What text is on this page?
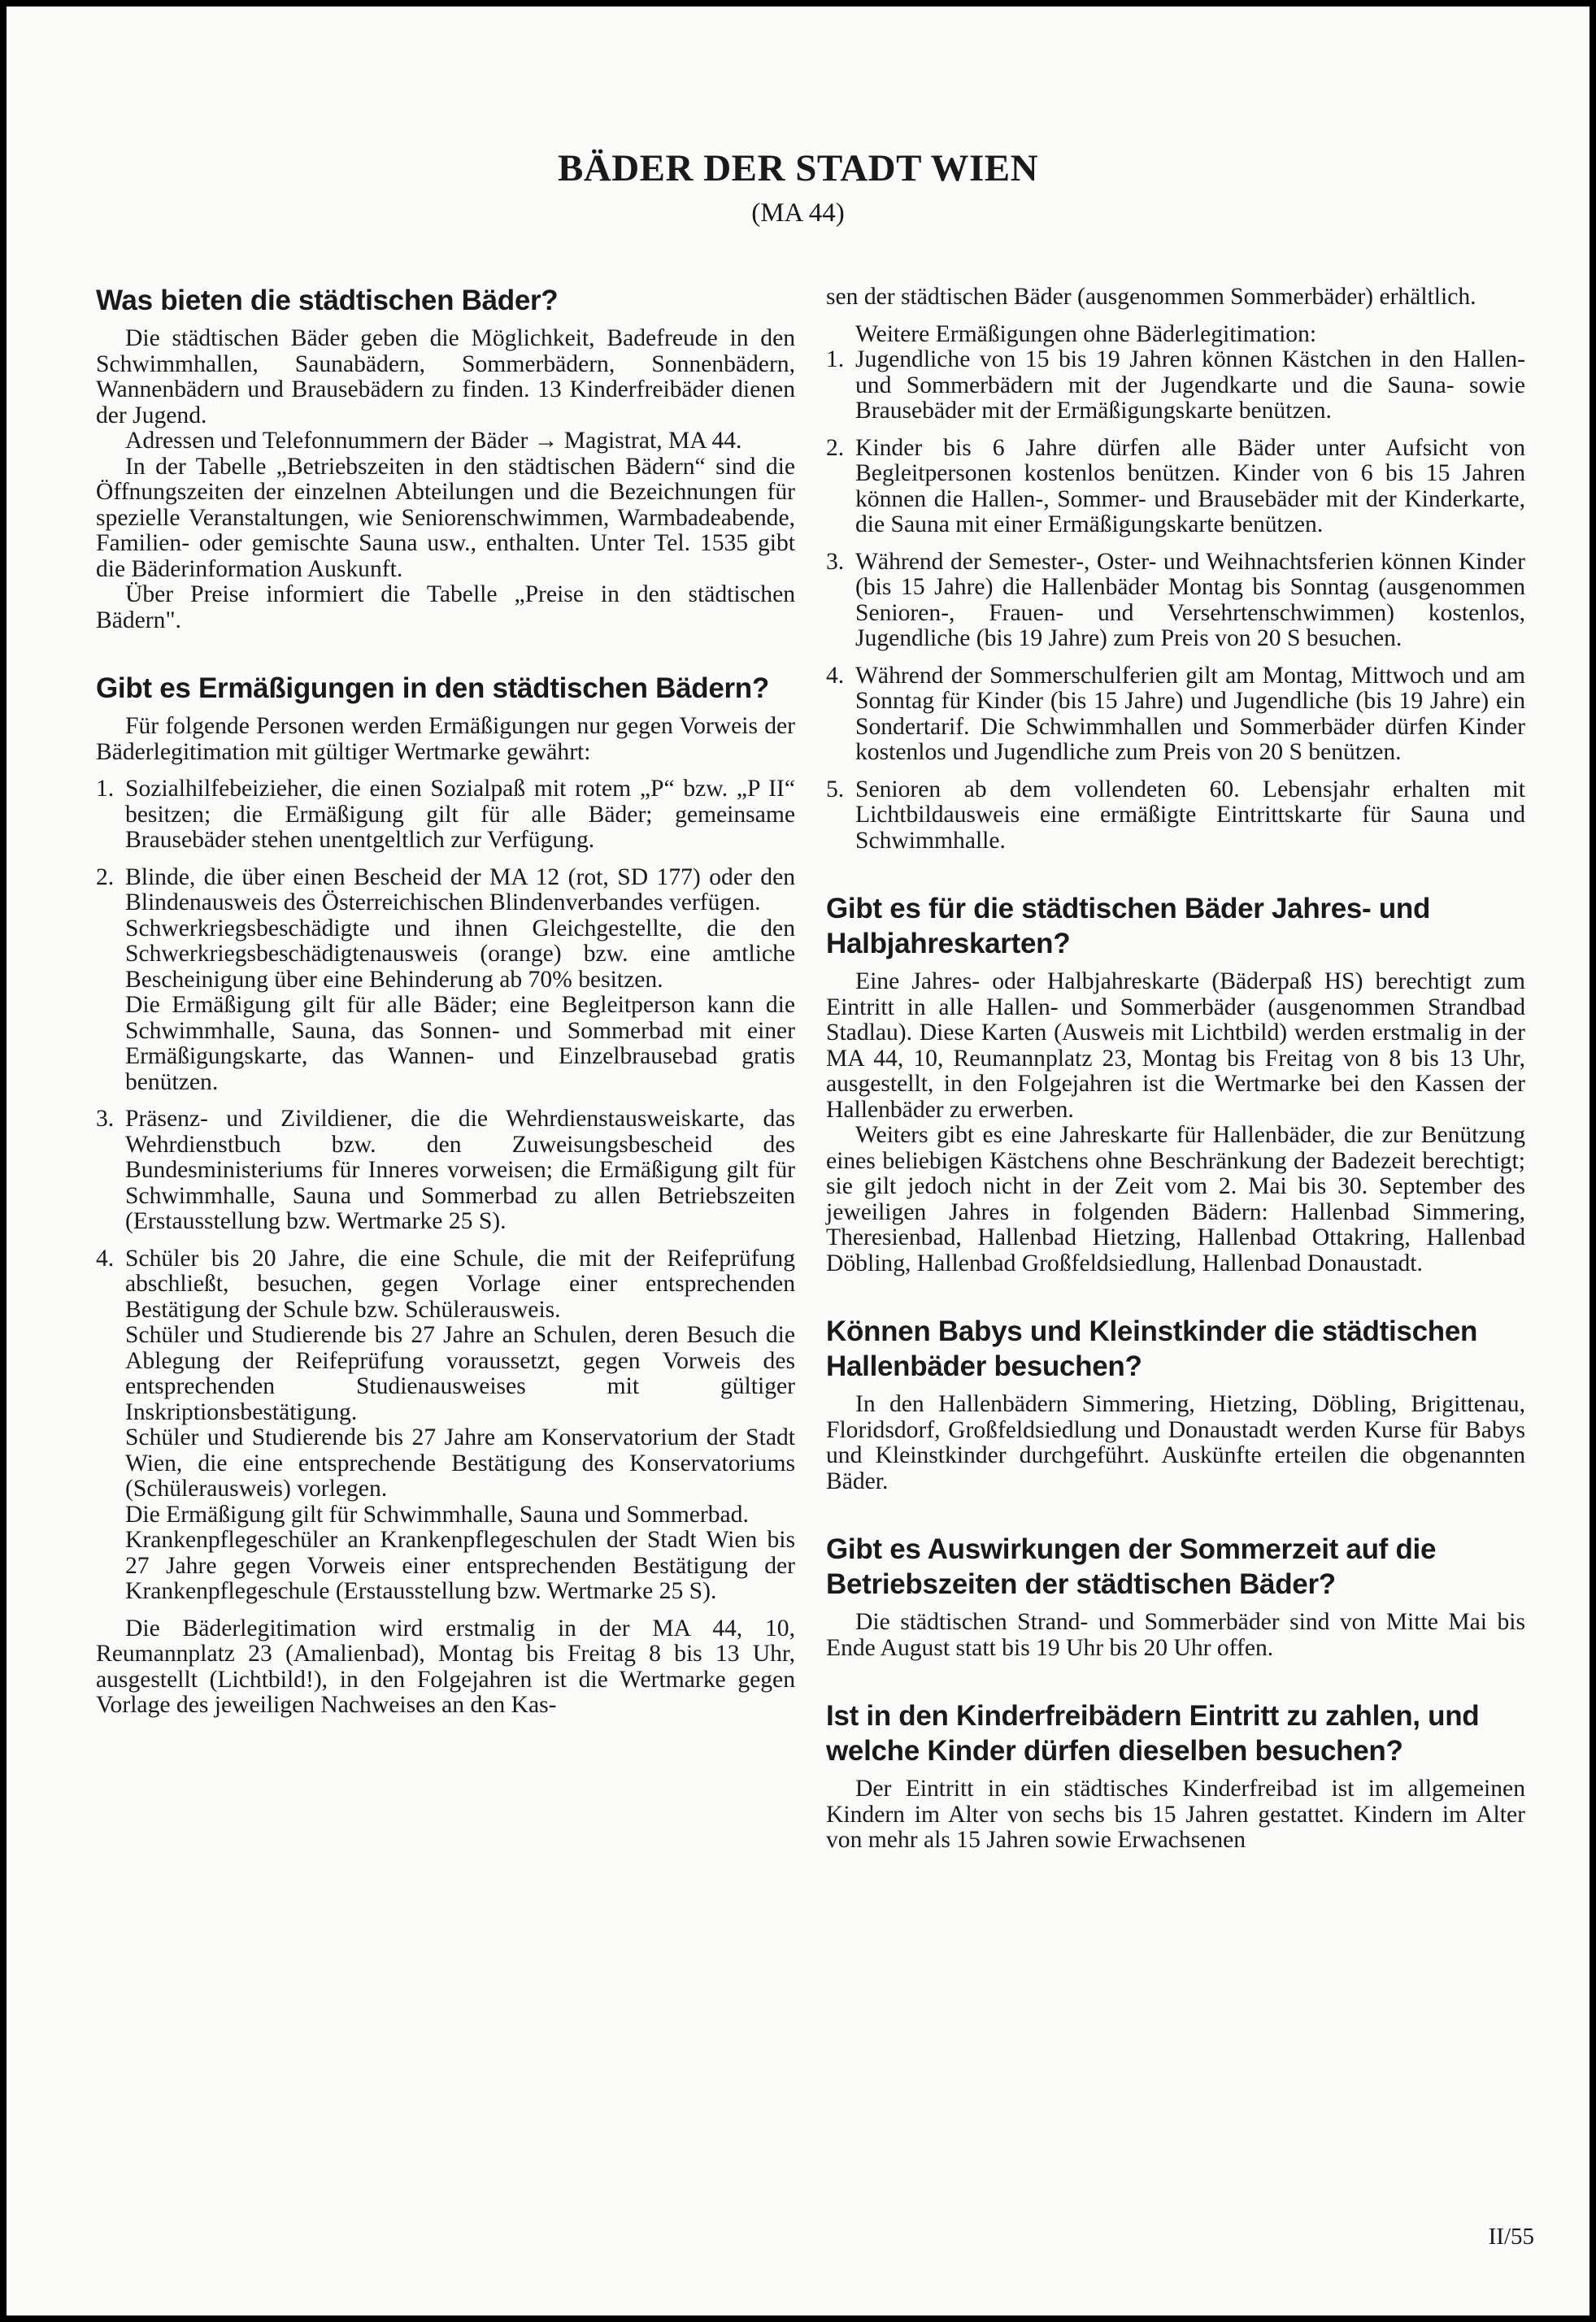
BÄDER DER STADT WIEN
(MA 44)
Was bieten die städtischen Bäder?

Die städtischen Bäder geben die Möglichkeit, Badefreude in den Schwimmhallen, Saunabädern, Sommerbädern, Sonnenbädern, Wannenbädern und Brausebädern zu finden. 13 Kinderfreibäder dienen der Jugend.

Adressen und Telefonnummern der Bäder → Magistrat, MA 44.

In der Tabelle „Betriebszeiten in den städtischen Bädern“ sind die Öffnungszeiten der einzelnen Abteilungen und die Bezeichnungen für spezielle Veranstaltungen, wie Seniorenschwimmen, Warmbadeabende, Familien- oder gemischte Sauna usw., enthalten. Unter Tel. 1535 gibt die Bäderinformation Auskunft.

Über Preise informiert die Tabelle „Preise in den städtischen Bädern".

Gibt es Ermäßigungen in den städtischen Bädern?

Für folgende Personen werden Ermäßigungen nur gegen Vorweis der Bäderlegitimation mit gültiger Wertmarke gewährt:

1. Sozialhilfebeizieher, die einen Sozialpaß mit rotem „P“ bzw. „P II“ besitzen; die Ermäßigung gilt für alle Bäder; gemeinsame Brausebäder stehen unentgeltlich zur Verfügung.

2. Blinde, die über einen Bescheid der MA 12 (rot, SD 177) oder den Blindenausweis des Österreichischen Blindenverbandes verfügen.

Schwerkriegsbeschädigte und ihnen Gleichgestellte, die den Schwerkriegsbeschädigtenausweis (orange) bzw. eine amtliche Bescheinigung über eine Behinderung ab 70% besitzen.

Die Ermäßigung gilt für alle Bäder; eine Begleitperson kann die Schwimmhalle, Sauna, das Sonnen- und Sommerbad mit einer Ermäßigungskarte, das Wannen- und Einzelbrausebad gratis benützen.

3. Präsenz- und Zivildiener, die die Wehrdienstausweiskarte, das Wehrdienstbuch bzw. den Zuweisungsbescheid des Bundesministeriums für Inneres vorweisen; die Ermäßigung gilt für Schwimmhalle, Sauna und Sommerbad zu allen Betriebszeiten (Erstausstellung bzw. Wertmarke 25 S).

4. Schüler bis 20 Jahre, die eine Schule, die mit der Reifeprüfung abschließt, besuchen, gegen Vorlage einer entsprechenden Bestätigung der Schule bzw. Schülerausweis.

Schüler und Studierende bis 27 Jahre an Schulen, deren Besuch die Ablegung der Reifeprüfung voraussetzt, gegen Vorweis des entsprechenden Studienausweises mit gültiger Inskriptionsbestätigung.

Schüler und Studierende bis 27 Jahre am Konservatorium der Stadt Wien, die eine entsprechende Bestätigung des Konservatoriums (Schülerausweis) vorlegen.

Die Ermäßigung gilt für Schwimmhalle, Sauna und Sommerbad.

Krankenpflegeschüler an Krankenpflegeschulen der Stadt Wien bis 27 Jahre gegen Vorweis einer entsprechenden Bestätigung der Krankenpflegeschule (Erstausstellung bzw. Wertmarke 25 S).

Die Bäderlegitimation wird erstmalig in der MA 44, 10, Reumannplatz 23 (Amalienbad), Montag bis Freitag 8 bis 13 Uhr, ausgestellt (Lichtbild!), in den Folgejahren ist die Wertmarke gegen Vorlage des jeweiligen Nachweises an den Kas-

sen der städtischen Bäder (ausgenommen Sommerbäder) erhältlich.

Weitere Ermäßigungen ohne Bäderlegitimation:

1. Jugendliche von 15 bis 19 Jahren können Kästchen in den Hallen- und Sommerbädern mit der Jugendkarte und die Sauna- sowie Brausebäder mit der Ermäßigungskarte benützen.

2. Kinder bis 6 Jahre dürfen alle Bäder unter Aufsicht von Begleitpersonen kostenlos benützen. Kinder von 6 bis 15 Jahren können die Hallen-, Sommer- und Brausebäder mit der Kinderkarte, die Sauna mit einer Ermäßigungskarte benützen.

3. Während der Semester-, Oster- und Weihnachtsferien können Kinder (bis 15 Jahre) die Hallenbäder Montag bis Sonntag (ausgenommen Senioren-, Frauen- und Versehrtenschwimmen) kostenlos, Jugendliche (bis 19 Jahre) zum Preis von 20 S besuchen.

4. Während der Sommerschulferien gilt am Montag, Mittwoch und am Sonntag für Kinder (bis 15 Jahre) und Jugendliche (bis 19 Jahre) ein Sondertarif. Die Schwimmhallen und Sommerbäder dürfen Kinder kostenlos und Jugendliche zum Preis von 20 S benützen.

5. Senioren ab dem vollendeten 60. Lebensjahr erhalten mit Lichtbildausweis eine ermäßigte Eintrittskarte für Sauna und Schwimmhalle.

Gibt es für die städtischen Bäder Jahres- und Halbjahreskarten?

Eine Jahres- oder Halbjahreskarte (Bäderpaß HS) berechtigt zum Eintritt in alle Hallen- und Sommerbäder (ausgenommen Strandbad Stadlau). Diese Karten (Ausweis mit Lichtbild) werden erstmalig in der MA 44, 10, Reumannplatz 23, Montag bis Freitag von 8 bis 13 Uhr, ausgestellt, in den Folgejahren ist die Wertmarke bei den Kassen der Hallenbäder zu erwerben.

Weiters gibt es eine Jahreskarte für Hallenbäder, die zur Benützung eines beliebigen Kästchens ohne Beschränkung der Badezeit berechtigt; sie gilt jedoch nicht in der Zeit vom 2. Mai bis 30. September des jeweiligen Jahres in folgenden Bädern: Hallenbad Simmering, Theresienbad, Hallenbad Hietzing, Hallenbad Ottakring, Hallenbad Döbling, Hallenbad Großfeldsiedlung, Hallenbad Donaustadt.

Können Babys und Kleinstkinder die städtischen Hallenbäder besuchen?

In den Hallenbädern Simmering, Hietzing, Döbling, Brigittenau, Floridsdorf, Großfeldsiedlung und Donaustadt werden Kurse für Babys und Kleinstkinder durchgeführt. Auskünfte erteilen die obgenannten Bäder.

Gibt es Auswirkungen der Sommerzeit auf die Betriebszeiten der städtischen Bäder?

Die städtischen Strand- und Sommerbäder sind von Mitte Mai bis Ende August statt bis 19 Uhr bis 20 Uhr offen.

Ist in den Kinderfreibädern Eintritt zu zahlen, und welche Kinder dürfen dieselben besuchen?

Der Eintritt in ein städtisches Kinderfreibad ist im allgemeinen Kindern im Alter von sechs bis 15 Jahren gestattet. Kindern im Alter von mehr als 15 Jahren sowie Erwachsenen

II/55
